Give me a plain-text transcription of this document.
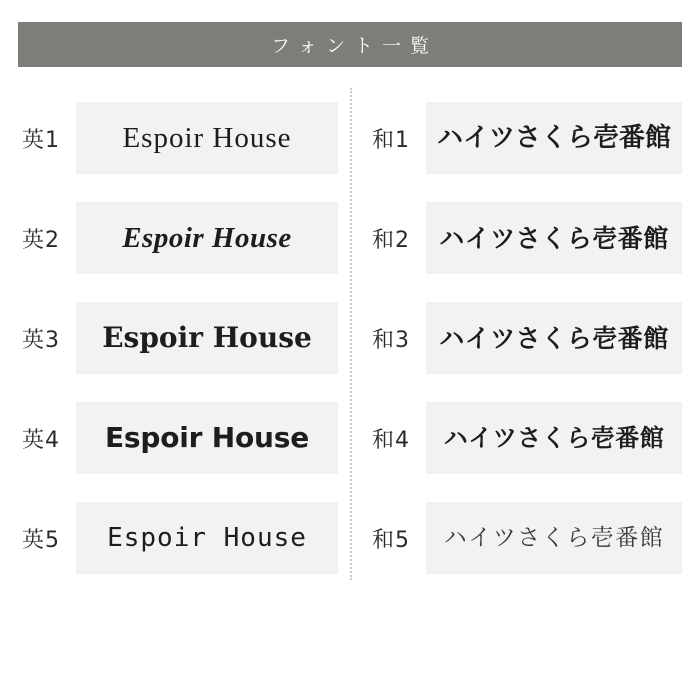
フォント一覧
英1	Espoir House
英2	Espoir House
英3	Espoir House
英4	Espoir House
英5	Espoir House
和1	ハイツさくら壱番館
和2	ハイツさくら壱番館
和3	ハイツさくら壱番館
和4	ハイツさくら壱番館
和5	ハイツさくら壱番館
